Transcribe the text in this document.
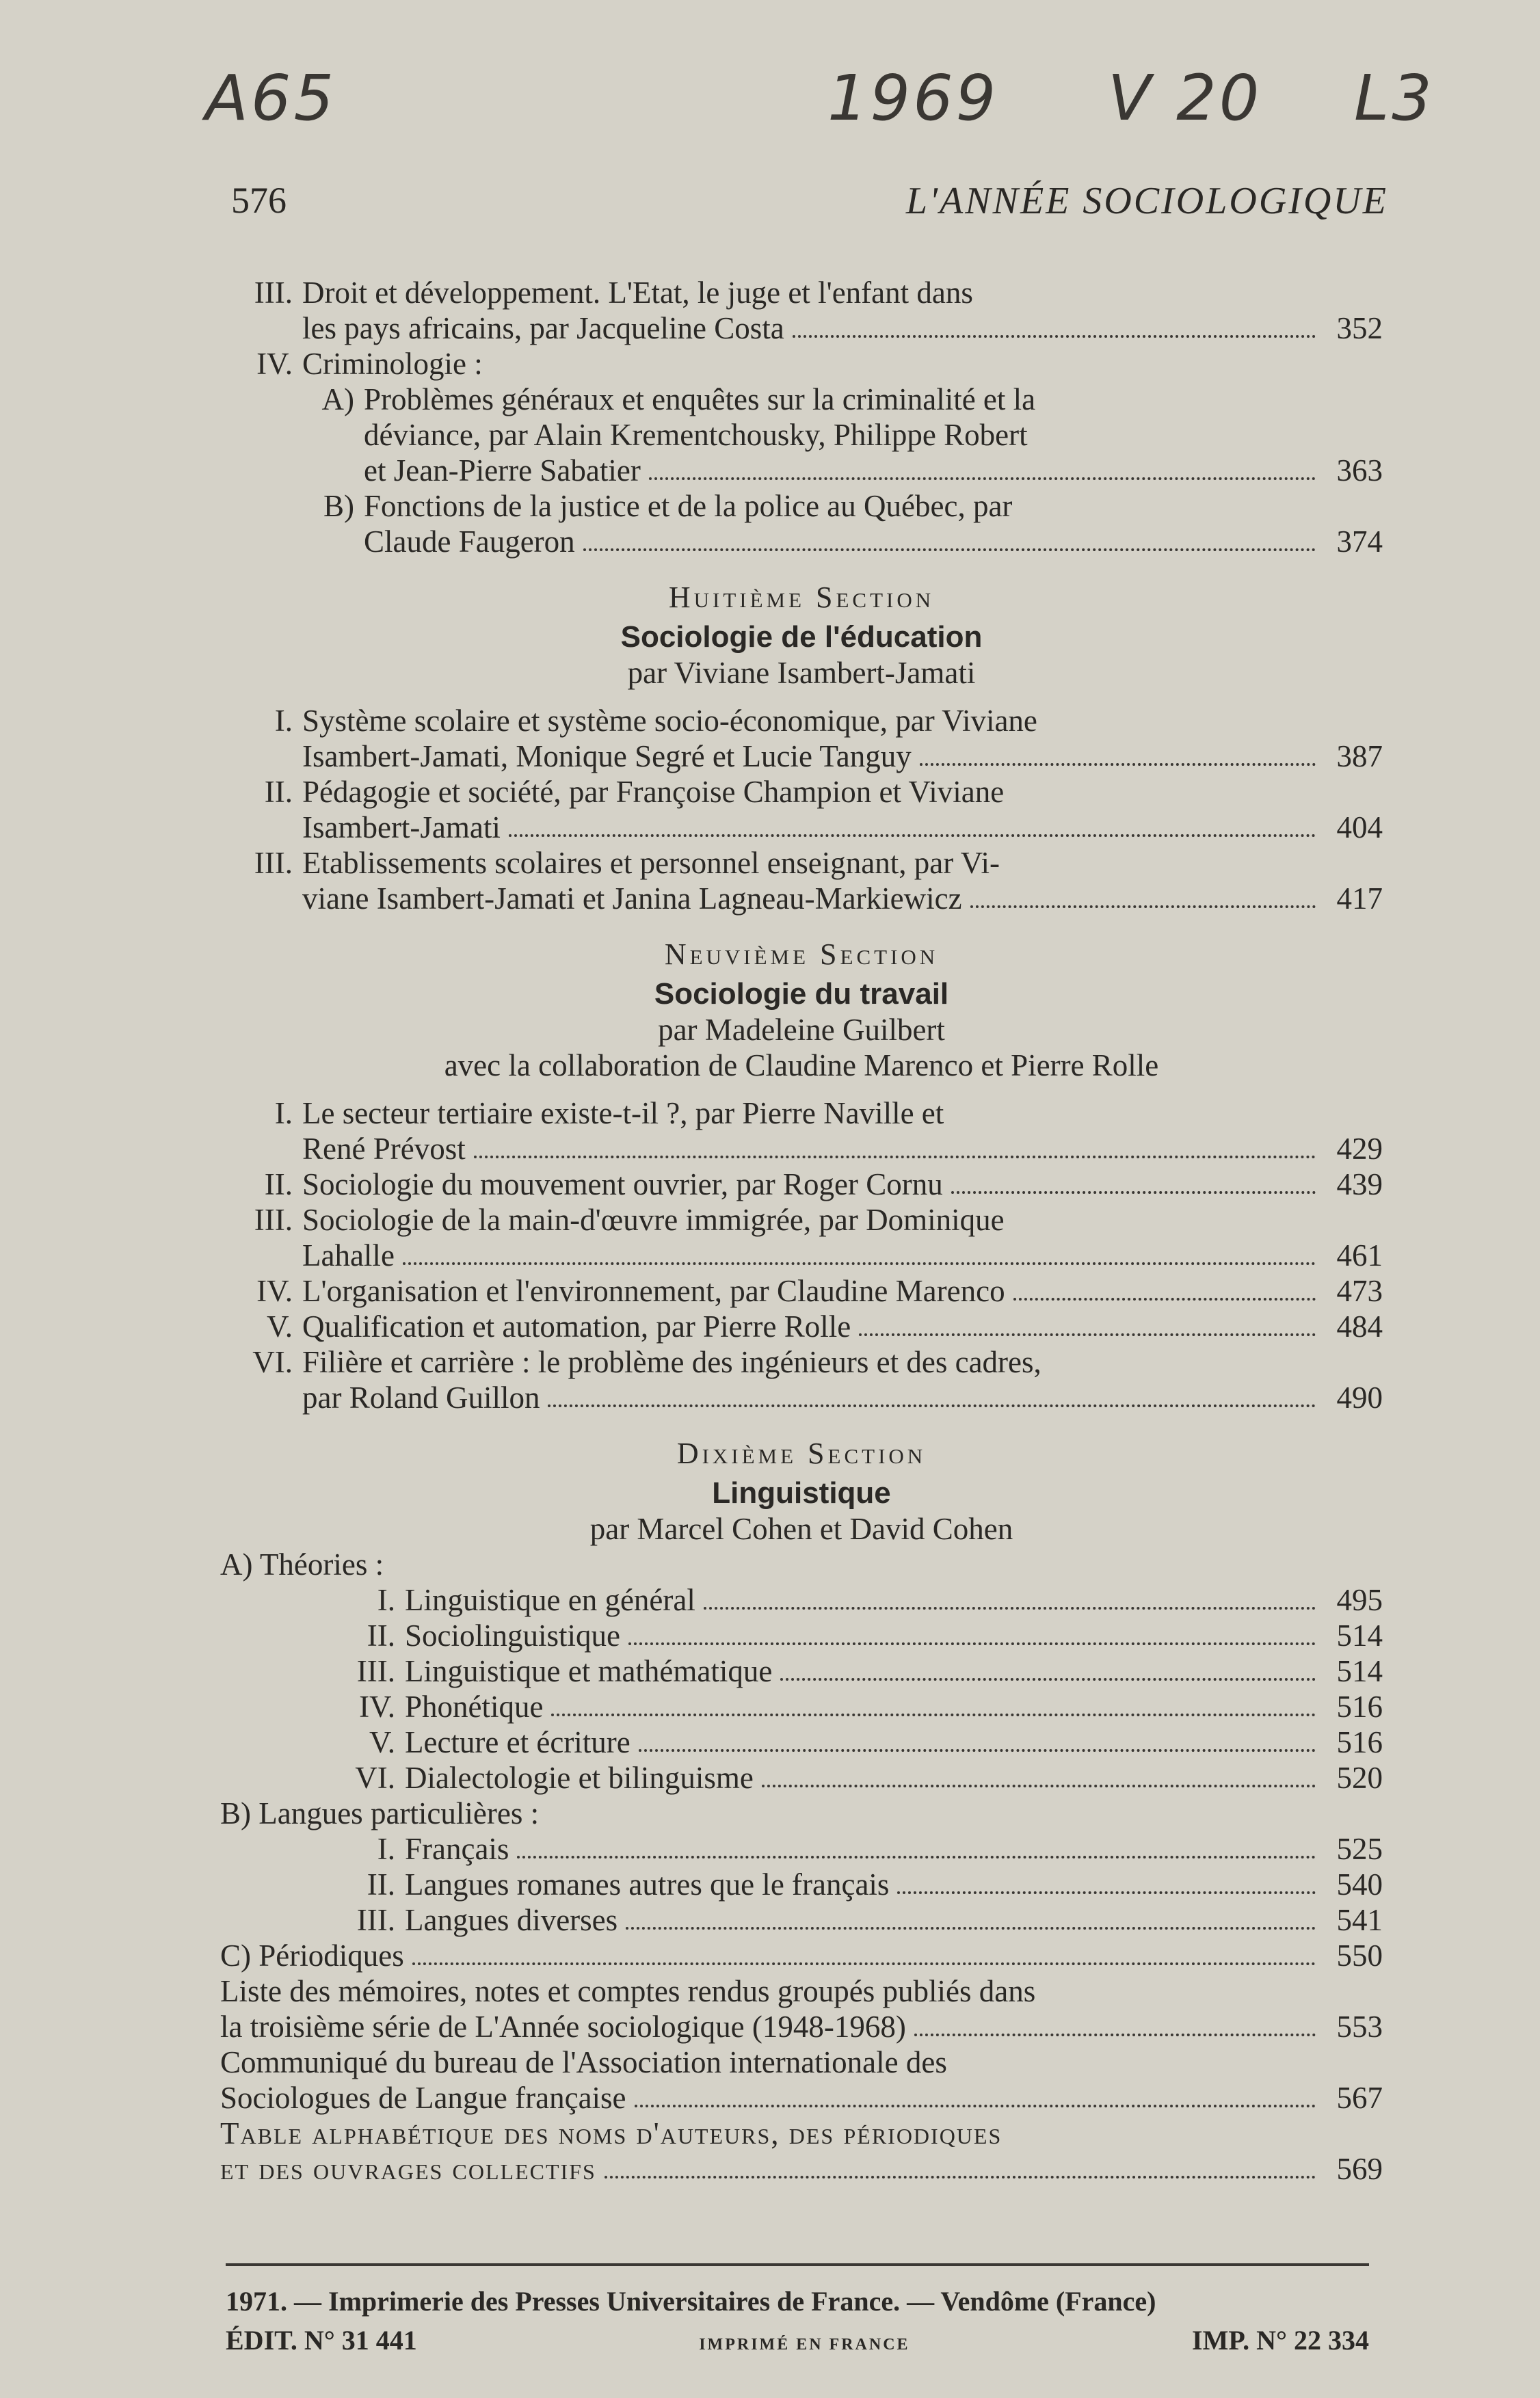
A65	1969 V 20 L3
576	L'ANNÉE SOCIOLOGIQUE
III. Droit et développement. L'Etat, le juge et l'enfant dans
les pays africains, par Jacqueline Costa	352
IV. Criminologie :
A) Problèmes généraux et enquêtes sur la criminalité et la
déviance, par Alain Krementchousky, Philippe Robert
et Jean-Pierre Sabatier	363
B) Fonctions de la justice et de la police au Québec, par
Claude Faugeron	374
Huitième Section
Sociologie de l'éducation
par Viviane Isambert-Jamati
I. Système scolaire et système socio-économique, par Viviane
Isambert-Jamati, Monique Segré et Lucie Tanguy	387
II. Pédagogie et société, par Françoise Champion et Viviane
Isambert-Jamati	404
III. Etablissements scolaires et personnel enseignant, par Vi-
viane Isambert-Jamati et Janina Lagneau-Markiewicz	417
Neuvième Section
Sociologie du travail
par Madeleine Guilbert
avec la collaboration de Claudine Marenco et Pierre Rolle
I. Le secteur tertiaire existe-t-il ?, par Pierre Naville et
René Prévost	429
II. Sociologie du mouvement ouvrier, par Roger Cornu	439
III. Sociologie de la main-d'œuvre immigrée, par Dominique
Lahalle	461
IV. L'organisation et l'environnement, par Claudine Marenco	473
V. Qualification et automation, par Pierre Rolle	484
VI. Filière et carrière : le problème des ingénieurs et des cadres,
par Roland Guillon	490
Dixième Section
Linguistique
par Marcel Cohen et David Cohen
A) Théories :
I. Linguistique en général	495
II. Sociolinguistique	514
III. Linguistique et mathématique	514
IV. Phonétique	516
V. Lecture et écriture	516
VI. Dialectologie et bilinguisme	520
B) Langues particulières :
I. Français	525
II. Langues romanes autres que le français	540
III. Langues diverses	541
C) Périodiques	550
Liste des mémoires, notes et comptes rendus groupés publiés dans
la troisième série de L'Année sociologique (1948-1968)	553
Communiqué du bureau de l'Association internationale des
Sociologues de Langue française	567
Table alphabétique des noms d'auteurs, des périodiques
et des ouvrages collectifs	569
1971. — Imprimerie des Presses Universitaires de France. — Vendôme (France)
ÉDIT. N° 31 441	IMPRIMÉ EN FRANCE	IMP. N° 22 334
